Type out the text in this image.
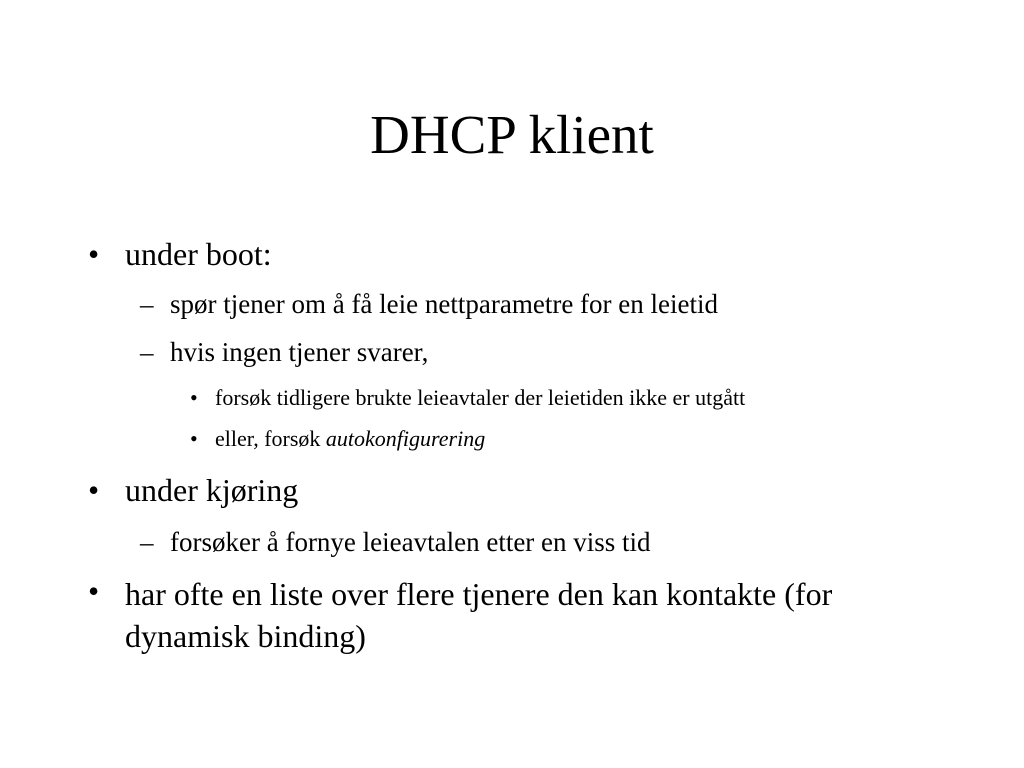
DHCP klient
• under boot:
– spør tjener om å få leie nettparametre for en leietid
– hvis ingen tjener svarer,
• forsøk tidligere brukte leieavtaler der leietiden ikke er utgått
• eller, forsøk autokonfigurering
• under kjøring
– forsøker å fornye leieavtalen etter en viss tid
• har ofte en liste over flere tjenere den kan kontakte (for dynamisk binding)
